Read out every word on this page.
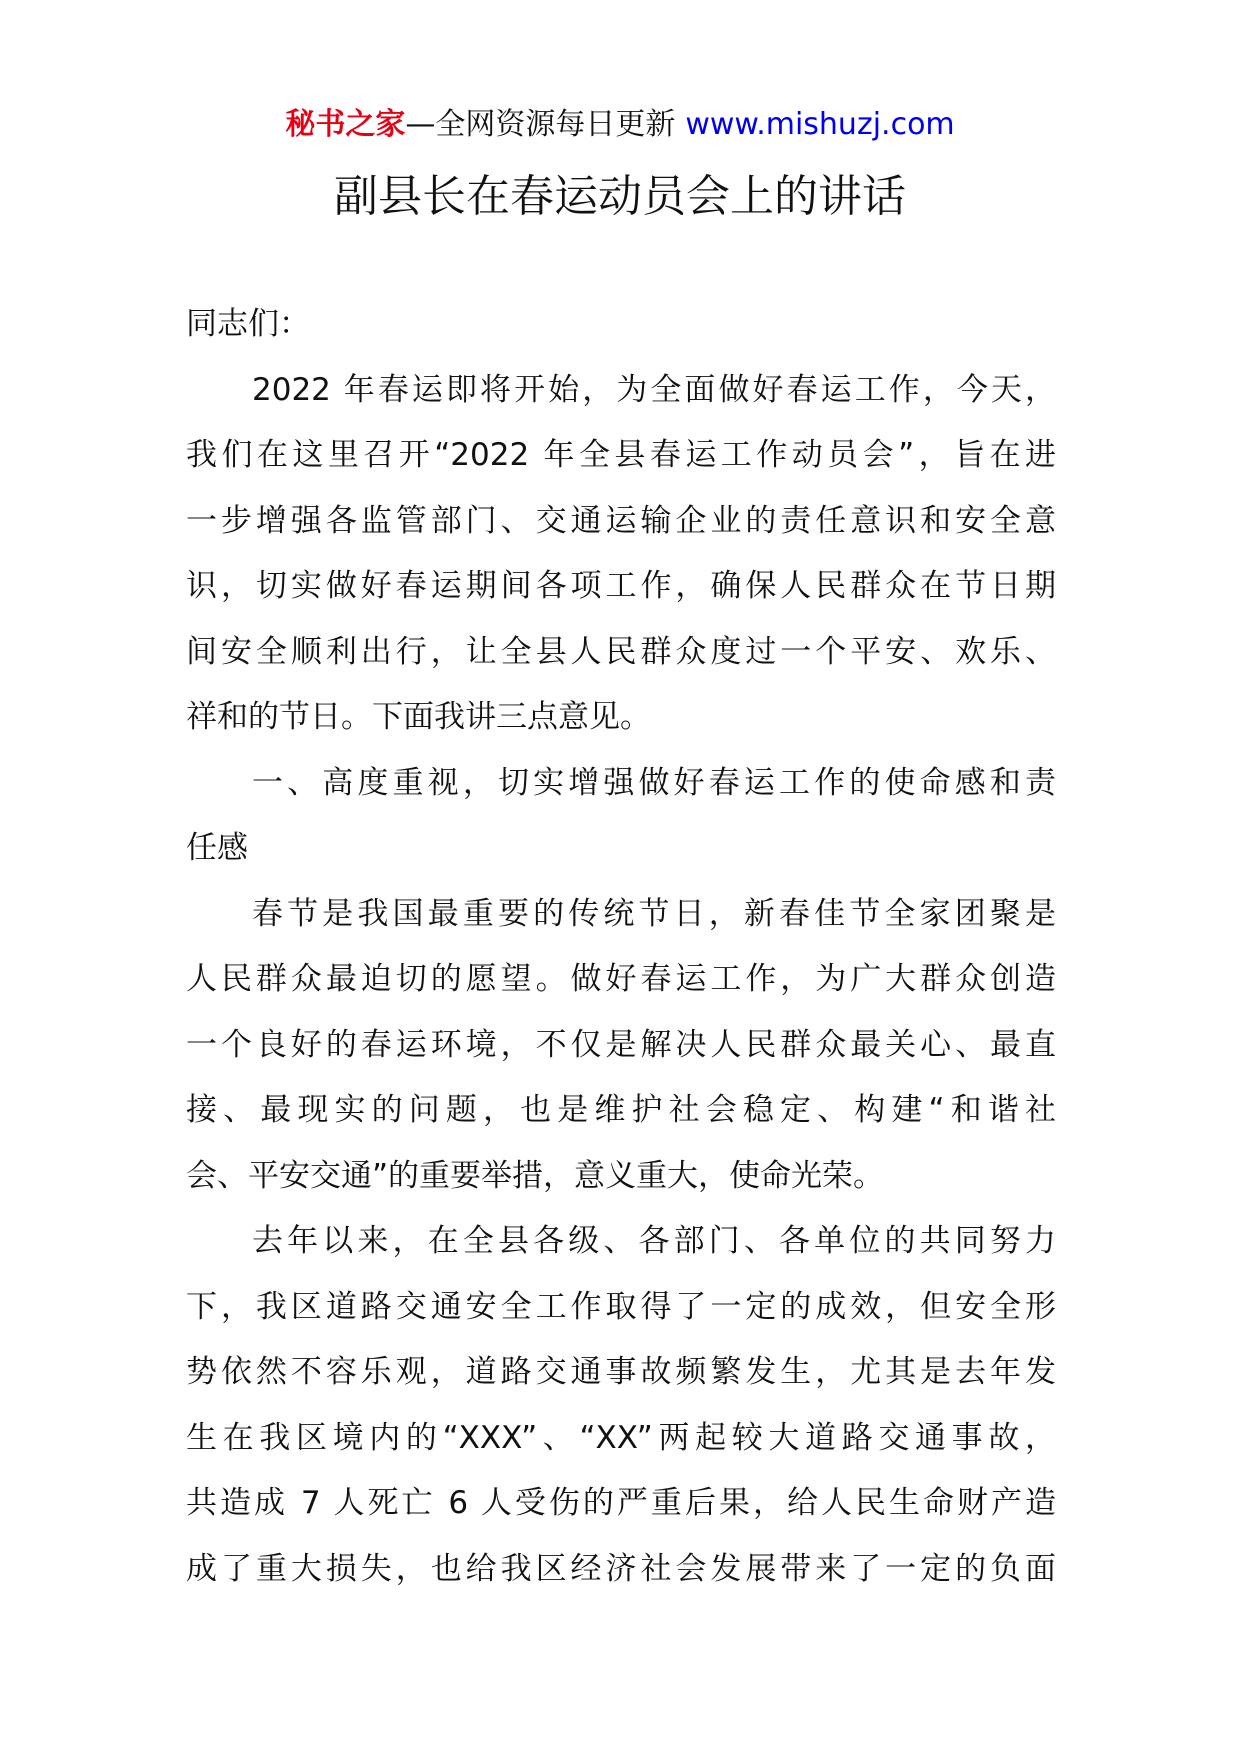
秘书之家—全网资源每日更新 www.mishuzj.com
副县长在春运动员会上的讲话
同志们：
2022 年春运即将开始，为全面做好春运工作，今天，
我们在这里召开“2022 年全县春运工作动员会”，旨在进
一步增强各监管部门、交通运输企业的责任意识和安全意
识，切实做好春运期间各项工作，确保人民群众在节日期
间安全顺利出行，让全县人民群众度过一个平安、欢乐、
祥和的节日。下面我讲三点意见。
一、高度重视，切实增强做好春运工作的使命感和责
任感
春节是我国最重要的传统节日，新春佳节全家团聚是
人民群众最迫切的愿望。做好春运工作，为广大群众创造
一个良好的春运环境，不仅是解决人民群众最关心、最直
接、最现实的问题，也是维护社会稳定、构建“和谐社
会、平安交通”的重要举措，意义重大，使命光荣。
去年以来，在全县各级、各部门、各单位的共同努力
下，我区道路交通安全工作取得了一定的成效，但安全形
势依然不容乐观，道路交通事故频繁发生，尤其是去年发
生在我区境内的“XXX”、“XX”两起较大道路交通事故，
共造成 7 人死亡 6 人受伤的严重后果，给人民生命财产造
成了重大损失，也给我区经济社会发展带来了一定的负面
